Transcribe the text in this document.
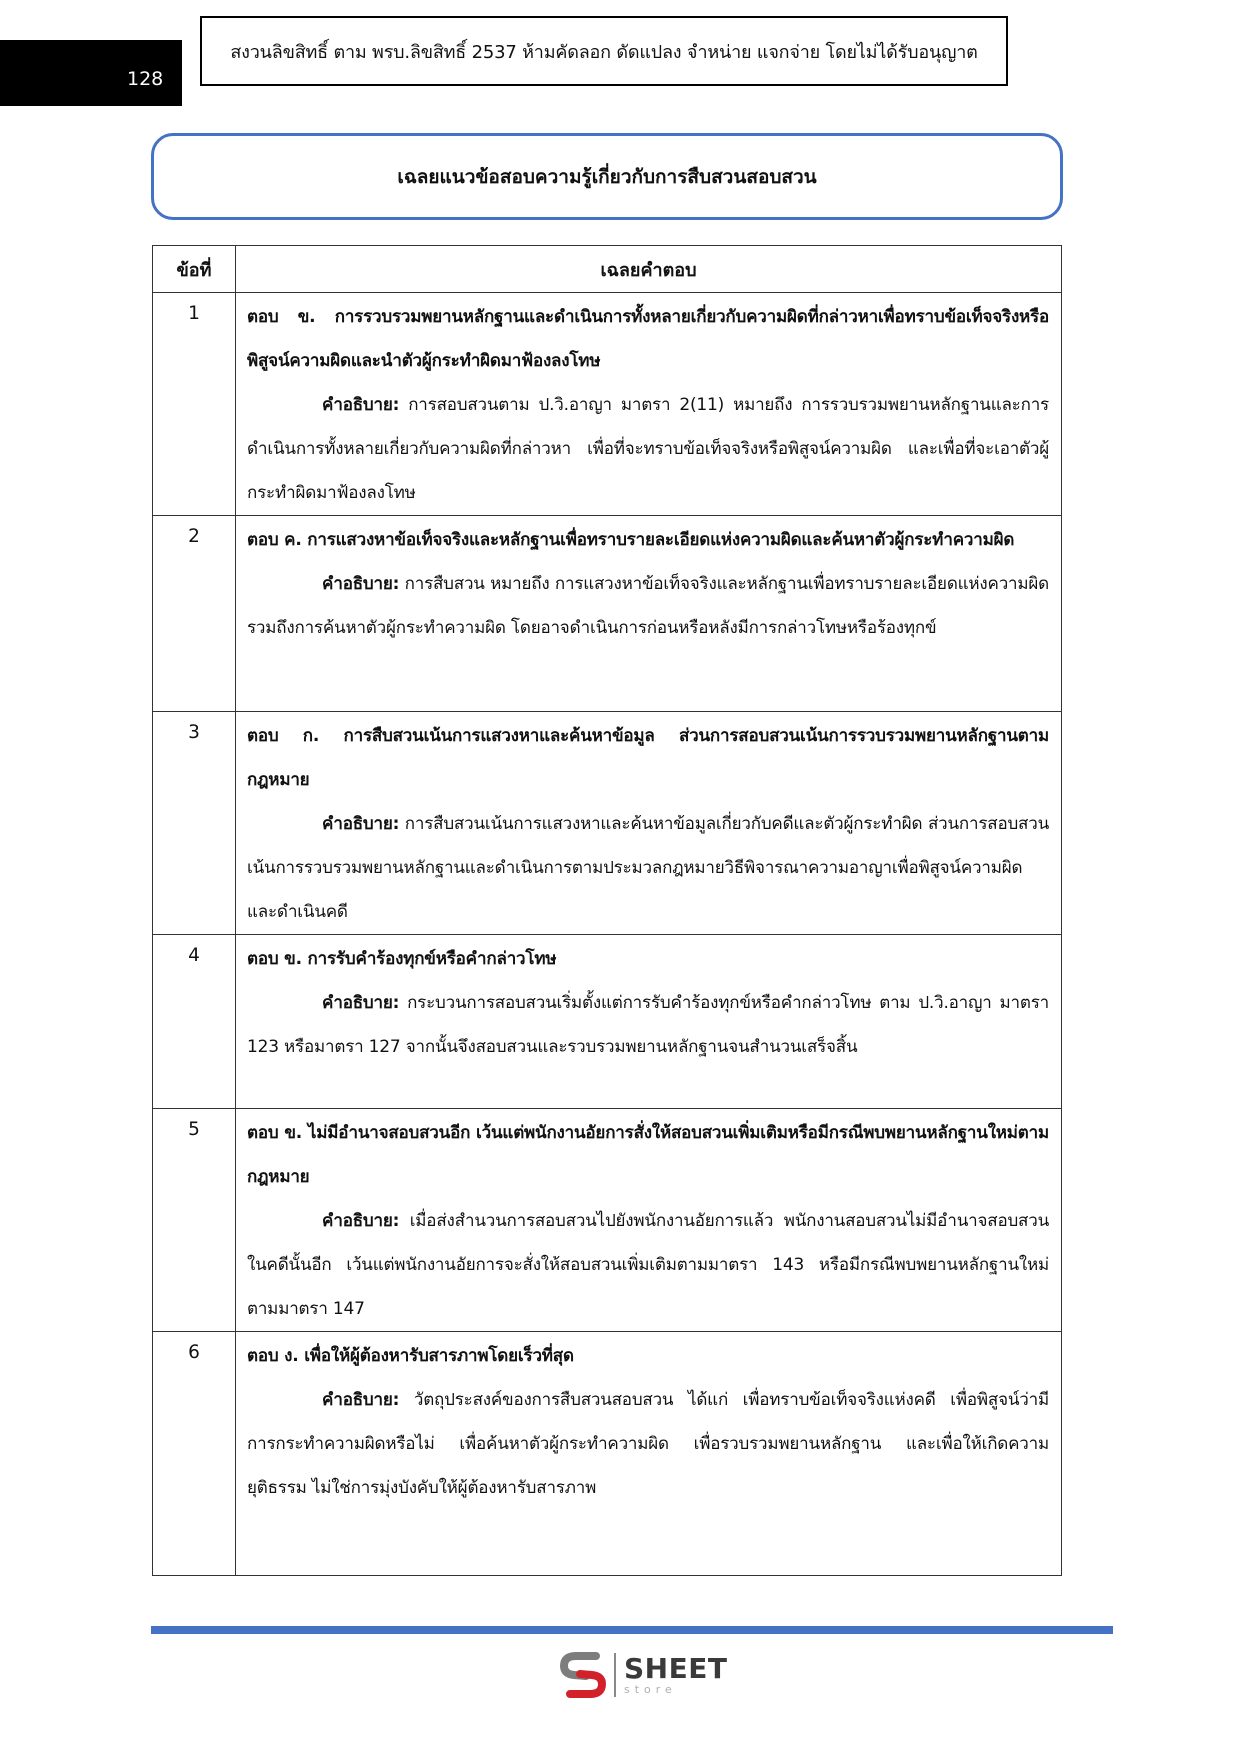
128
สงวนลิขสิทธิ์ ตาม พรบ.ลิขสิทธิ์ 2537 ห้ามคัดลอก ดัดแปลง จำหน่าย แจกจ่าย โดยไม่ได้รับอนุญาต
เฉลยแนวข้อสอบความรู้เกี่ยวกับการสืบสวนสอบสวน
ข้อที่	เฉลยคำตอบ
1	ตอบ ข. การรวบรวมพยานหลักฐานและดำเนินการทั้งหลายเกี่ยวกับความผิดที่กล่าวหาเพื่อทราบข้อเท็จจริงหรือพิสูจน์ความผิดและนำตัวผู้กระทำผิดมาฟ้องลงโทษ
คำอธิบาย: การสอบสวนตาม ป.วิ.อาญา มาตรา 2(11) หมายถึง การรวบรวมพยานหลักฐานและการดำเนินการทั้งหลายเกี่ยวกับความผิดที่กล่าวหา เพื่อที่จะทราบข้อเท็จจริงหรือพิสูจน์ความผิด และเพื่อที่จะเอาตัวผู้กระทำผิดมาฟ้องลงโทษ

2	ตอบ ค. การแสวงหาข้อเท็จจริงและหลักฐานเพื่อทราบรายละเอียดแห่งความผิดและค้นหาตัวผู้กระทำความผิด
คำอธิบาย: การสืบสวน หมายถึง การแสวงหาข้อเท็จจริงและหลักฐานเพื่อทราบรายละเอียดแห่งความผิด รวมถึงการค้นหาตัวผู้กระทำความผิด โดยอาจดำเนินการก่อนหรือหลังมีการกล่าวโทษหรือร้องทุกข์

3	ตอบ ก. การสืบสวนเน้นการแสวงหาและค้นหาข้อมูล ส่วนการสอบสวนเน้นการรวบรวมพยานหลักฐานตามกฎหมาย
คำอธิบาย: การสืบสวนเน้นการแสวงหาและค้นหาข้อมูลเกี่ยวกับคดีและตัวผู้กระทำผิด ส่วนการสอบสวนเน้นการรวบรวมพยานหลักฐานและดำเนินการตามประมวลกฎหมายวิธีพิจารณาความอาญาเพื่อพิสูจน์ความผิดและดำเนินคดี

4	ตอบ ข. การรับคำร้องทุกข์หรือคำกล่าวโทษ
คำอธิบาย: กระบวนการสอบสวนเริ่มตั้งแต่การรับคำร้องทุกข์หรือคำกล่าวโทษ ตาม ป.วิ.อาญา มาตรา 123 หรือมาตรา 127 จากนั้นจึงสอบสวนและรวบรวมพยานหลักฐานจนสำนวนเสร็จสิ้น

5	ตอบ ข. ไม่มีอำนาจสอบสวนอีก เว้นแต่พนักงานอัยการสั่งให้สอบสวนเพิ่มเติมหรือมีกรณีพบพยานหลักฐานใหม่ตามกฎหมาย
คำอธิบาย: เมื่อส่งสำนวนการสอบสวนไปยังพนักงานอัยการแล้ว พนักงานสอบสวนไม่มีอำนาจสอบสวนในคดีนั้นอีก เว้นแต่พนักงานอัยการจะสั่งให้สอบสวนเพิ่มเติมตามมาตรา 143 หรือมีกรณีพบพยานหลักฐานใหม่ตามมาตรา 147

6	ตอบ ง. เพื่อให้ผู้ต้องหารับสารภาพโดยเร็วที่สุด
คำอธิบาย: วัตถุประสงค์ของการสืบสวนสอบสวน ได้แก่ เพื่อทราบข้อเท็จจริงแห่งคดี เพื่อพิสูจน์ว่ามีการกระทำความผิดหรือไม่ เพื่อค้นหาตัวผู้กระทำความผิด เพื่อรวบรวมพยานหลักฐาน และเพื่อให้เกิดความยุติธรรม ไม่ใช่การมุ่งบังคับให้ผู้ต้องหารับสารภาพ
SHEET
store
